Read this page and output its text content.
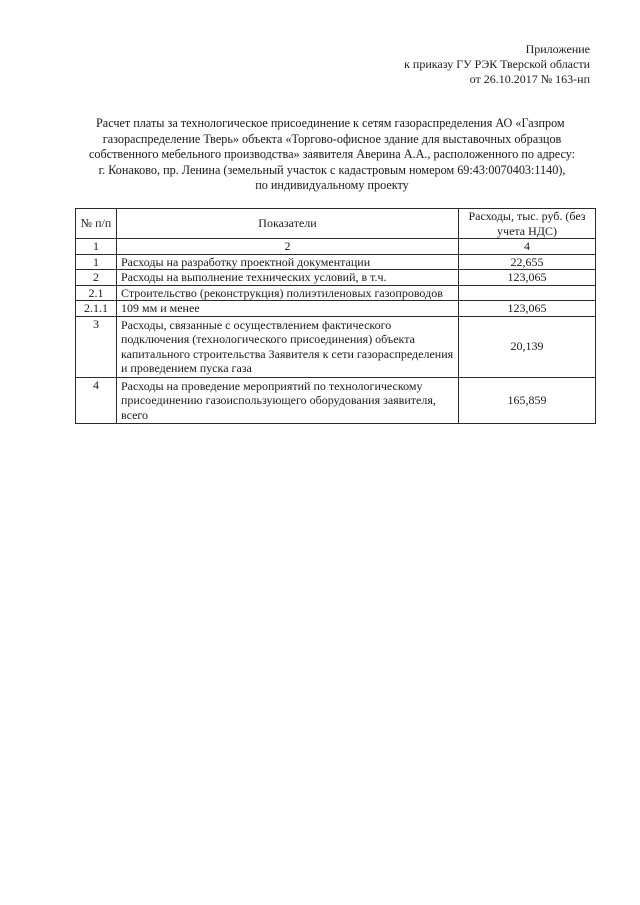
Приложение
к приказу ГУ РЭК Тверской области
от 26.10.2017 № 163-нп
Расчет платы за технологическое присоединение к сетям газораспределения АО «Газпром
газораспределение Тверь» объекта «Торгово-офисное здание для выставочных образцов
собственного мебельного производства» заявителя Аверина А.А., расположенного по адресу:
г. Конаково, пр. Ленина (земельный участок с кадастровым номером 69:43:0070403:1140),
по индивидуальному проекту
№ п/п	Показатели	Расходы, тыс. руб. (без учета НДС)
1	2	4
1	Расходы на разработку проектной документации	22,655
2	Расходы на выполнение технических условий, в т.ч.	123,065
2.1	Строительство (реконструкция) полиэтиленовых газопроводов	
2.1.1	109 мм и менее	123,065
3	Расходы, связанные с осуществлением фактического подключения (технологического присоединения) объекта капитального строительства Заявителя к сети газораспределения и проведением пуска газа	20,139
4	Расходы на проведение мероприятий по технологическому присоединению газоиспользующего оборудования заявителя, всего	165,859
